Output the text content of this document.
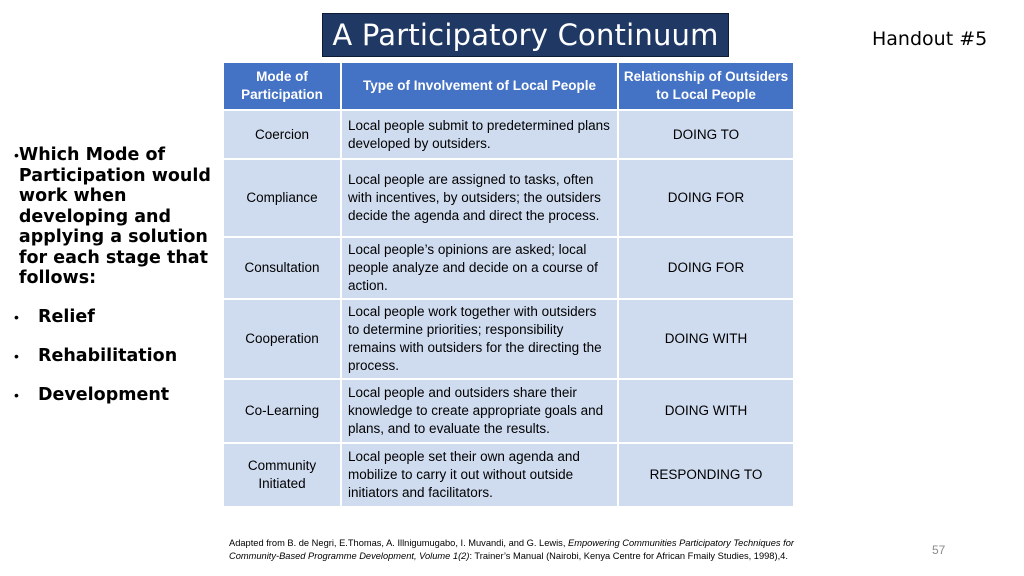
A Participatory Continuum	Handout #5
• Which Mode of Participation would work when developing and applying a solution for each stage that follows:
•	Relief
•	Rehabilitation
•	Development
Mode of Participation	Type of Involvement of Local People	Relationship of Outsiders to Local People
Coercion	Local people submit to predetermined plans developed by outsiders.	DOING TO
Compliance	Local people are assigned to tasks, often with incentives, by outsiders; the outsiders decide the agenda and direct the process.	DOING FOR
Consultation	Local people’s opinions are asked; local people analyze and decide on a course of action.	DOING FOR
Cooperation	Local people work together with outsiders to determine priorities; responsibility remains with outsiders for the directing the process.	DOING WITH
Co-Learning	Local people and outsiders share their knowledge to create appropriate goals and plans, and to evaluate the results.	DOING WITH
Community Initiated	Local people set their own agenda and mobilize to carry it out without outside initiators and facilitators.	RESPONDING TO
Adapted from B. de Negri, E.Thomas, A. Illnigumugabo, I. Muvandi, and G. Lewis, Empowering Communities Participatory Techniques for Community-Based Programme Development, Volume 1(2): Trainer’s Manual (Nairobi, Kenya Centre for African Fmaily Studies, 1998),4.	57
